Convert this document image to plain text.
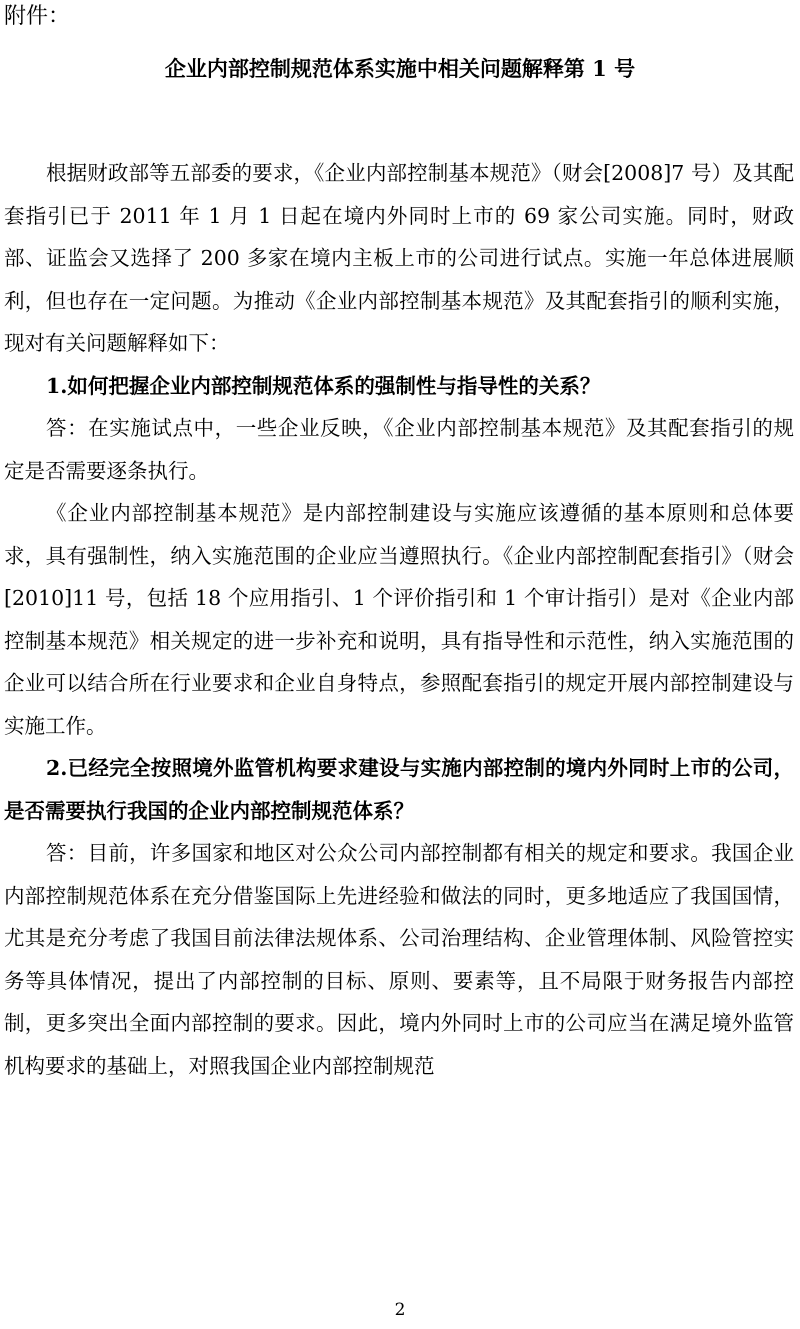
附件：
企业内部控制规范体系实施中相关问题解释第 1 号

根据财政部等五部委的要求，《企业内部控制基本规范》（财会[2008]7 号）及其配套指引已于 2011 年 1 月 1 日起在境内外同时上市的 69 家公司实施。同时，财政部、证监会又选择了 200 多家在境内主板上市的公司进行试点。实施一年总体进展顺利，但也存在一定问题。为推动《企业内部控制基本规范》及其配套指引的顺利实施，现对有关问题解释如下：

1.如何把握企业内部控制规范体系的强制性与指导性的关系？

答：在实施试点中，一些企业反映，《企业内部控制基本规范》及其配套指引的规定是否需要逐条执行。

《企业内部控制基本规范》是内部控制建设与实施应该遵循的基本原则和总体要求，具有强制性，纳入实施范围的企业应当遵照执行。《企业内部控制配套指引》（财会[2010]11 号，包括 18 个应用指引、1 个评价指引和 1 个审计指引）是对《企业内部控制基本规范》相关规定的进一步补充和说明，具有指导性和示范性，纳入实施范围的企业可以结合所在行业要求和企业自身特点，参照配套指引的规定开展内部控制建设与实施工作。

2.已经完全按照境外监管机构要求建设与实施内部控制的境内外同时上市的公司，是否需要执行我国的企业内部控制规范体系？

答：目前，许多国家和地区对公众公司内部控制都有相关的规定和要求。我国企业内部控制规范体系在充分借鉴国际上先进经验和做法的同时，更多地适应了我国国情，尤其是充分考虑了我国目前法律法规体系、公司治理结构、企业管理体制、风险管控实务等具体情况，提出了内部控制的目标、原则、要素等，且不局限于财务报告内部控制，更多突出全面内部控制的要求。因此，境内外同时上市的公司应当在满足境外监管机构要求的基础上，对照我国企业内部控制规范

2
